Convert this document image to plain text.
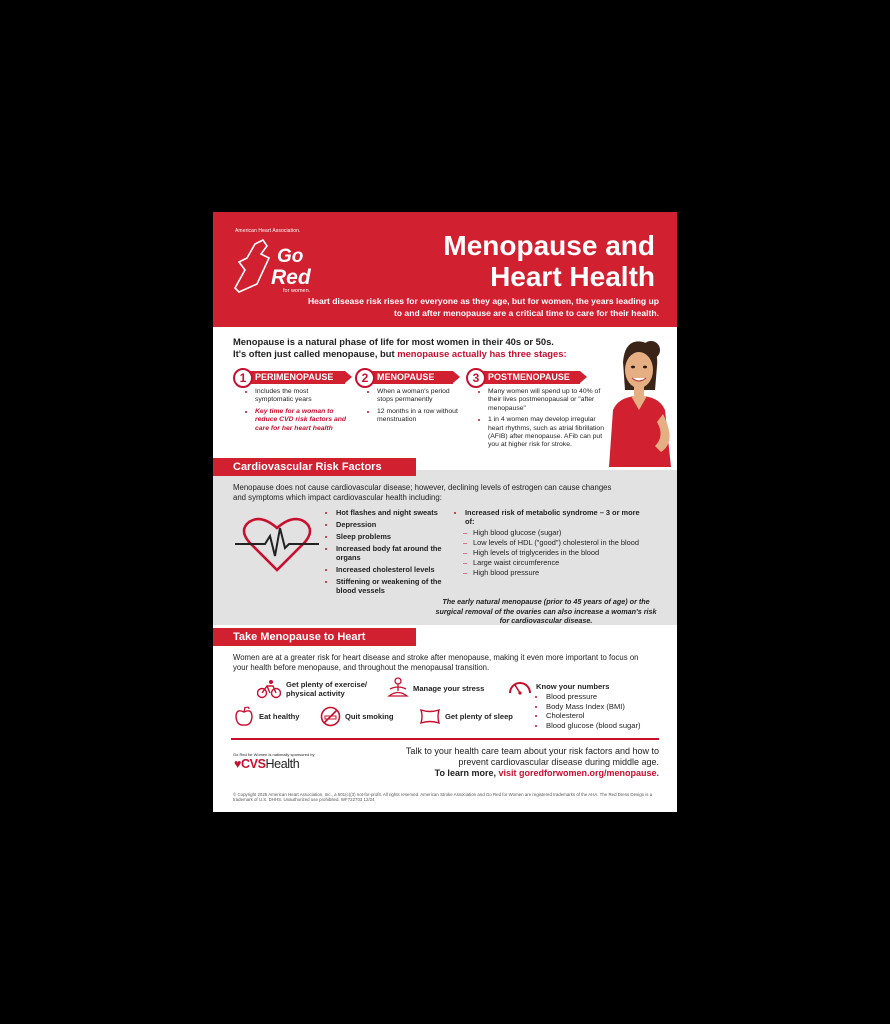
American Heart Association.
Go
Red
for women.
Menopause and
Heart Health
Heart disease risk rises for everyone as they age, but for women, the years leading up to and after menopause are a critical time to care for their health.
Menopause is a natural phase of life for most women in their 40s or 50s.
It's often just called menopause, but menopause actually has three stages:
1 PERIMENOPAUSE
• Includes the most symptomatic years
• Key time for a woman to reduce CVD risk factors and care for her heart health
2 MENOPAUSE
• When a woman's period stops permanently
• 12 months in a row without menstruation
3 POSTMENOPAUSE
• Many women will spend up to 40% of their lives postmenopausal or "after menopause"
• 1 in 4 women may develop irregular heart rhythms, such as atrial fibrillation (AFIB) after menopause. AFib can put you at higher risk for stroke.
Cardiovascular Risk Factors
Menopause does not cause cardiovascular disease; however, declining levels of estrogen can cause changes and symptoms which impact cardiovascular health including:
• Hot flashes and night sweats
• Depression
• Sleep problems
• Increased body fat around the organs
• Increased cholesterol levels
• Stiffening or weakening of the blood vessels
• Increased risk of metabolic syndrome – 3 or more of:
– High blood glucose (sugar)
– Low levels of HDL ("good") cholesterol in the blood
– High levels of triglycerides in the blood
– Large waist circumference
– High blood pressure
The early natural menopause (prior to 45 years of age) or the surgical removal of the ovaries can also increase a woman's risk for cardiovascular disease.
Take Menopause to Heart
Women are at a greater risk for heart disease and stroke after menopause, making it even more important to focus on your health before menopause, and throughout the menopausal transition.
Get plenty of exercise/ physical activity
Manage your stress	Know your numbers
• Blood pressure
• Body Mass Index (BMI)
• Cholesterol
• Blood glucose (blood sugar)
Eat healthy	Quit smoking	Get plenty of sleep
Go Red for Women is nationally sponsored by
♥CVSHealth
Talk to your health care team about your risk factors and how to prevent cardiovascular disease during middle age.
To learn more, visit goredforwomen.org/menopause.
© Copyright 2025 American Heart Association, Inc., a 501(c)(3) not-for-profit. All rights reserved. American Stroke Association and Go Red for Women are registered trademarks of the AHA. The Red Dress Design is a trademark of U.S. DHHS. Unauthorized use prohibited. WF722703 12/24
